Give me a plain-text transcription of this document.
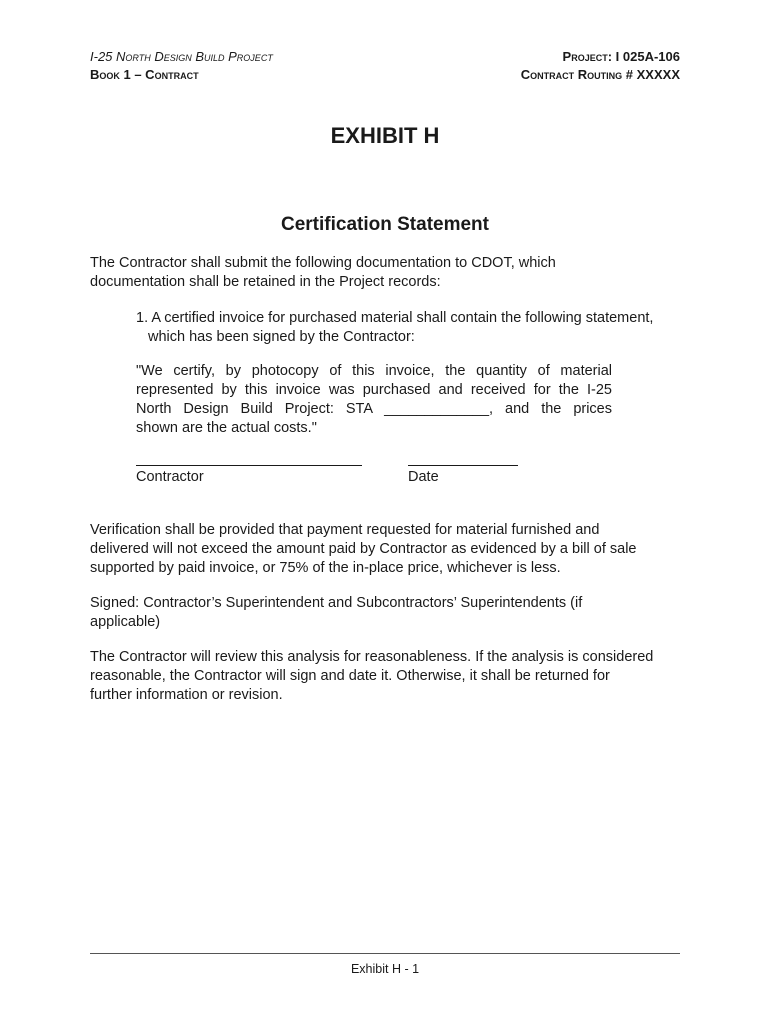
I-25 North Design Build Project
Book 1 – Contract
Project: I 025A-106
Contract Routing # XXXXX
EXHIBIT H
Certification Statement
The Contractor shall submit the following documentation to CDOT, which
documentation shall be retained in the Project records:
1. A certified invoice for purchased material shall contain the following statement,
which has been signed by the Contractor:
"We certify, by photocopy of this invoice, the quantity of material
represented by this invoice was purchased and received for the I-25
North Design Build Project: STA _____________, and the prices
shown are the actual costs."
Contractor	Date
Verification shall be provided that payment requested for material furnished and
delivered will not exceed the amount paid by Contractor as evidenced by a bill of sale
supported by paid invoice, or 75% of the in-place price, whichever is less.
Signed: Contractor’s Superintendent and Subcontractors’ Superintendents (if
applicable)
The Contractor will review this analysis for reasonableness. If the analysis is considered
reasonable, the Contractor will sign and date it. Otherwise, it shall be returned for
further information or revision.
Exhibit H - 1
